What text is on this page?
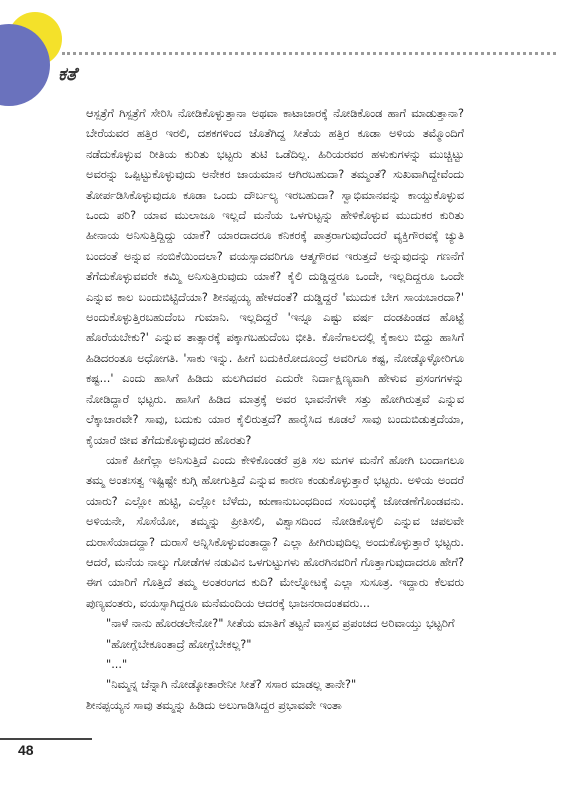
ಕತೆ

ಆಸ್ಪತ್ರೆಗೆ ಗಿಸ್ಪತ್ರೆಗೆ ಸೇರಿಸಿ ನೋಡಿಕೊಳ್ಳುತ್ತಾನಾ ಅಥವಾ ಕಾಟಾಚಾರಕ್ಕೆ ನೋಡಿಕೊಂಡ ಹಾಗೆ ಮಾಡುತ್ತಾನಾ? ಬೇರೆಯವರ ಹತ್ತಿರ ಇರಲಿ, ದಶಕಗಳಿಂದ ಜೊತೆಗಿದ್ದ ಸೀತೆಯ ಹತ್ತಿರ ಕೂಡಾ ಅಳಿಯ ತಮ್ಮೊಂದಿಗೆ ನಡೆದುಕೊಳ್ಳುವ ರೀತಿಯ ಕುರಿತು ಭಟ್ಟರು ತುಟಿ ಒಡೆದಿಲ್ಲ. ಹಿರಿಯರವರ ಹಳುಕುಗಳನ್ನು ಮುಚ್ಚಿಟ್ಟು ಅವರನ್ನು ಒಪ್ಪಿಟ್ಟುಕೊಳ್ಳುವುದು ಅನೇಕರ ಜಾಯಮಾನ ಆಗಿರಬಹುದಾ? ತಮ್ಮಂತೆ? ಸುಖವಾಗಿದ್ದೇವೆಂದು ತೋರ್ಪಡಿಸಿಕೊಳ್ಳುವುದೂ ಕೂಡಾ ಒಂದು ದೌರ್ಬಲ್ಯ ಇರಬಹುದಾ? ಸ್ವಾಭಿಮಾನವನ್ನು ಕಾಯ್ದುಕೊಳ್ಳುವ ಒಂದು ಪರಿ? ಯಾವ ಮುಲಾಜೂ ಇಲ್ಲದೆ ಮನೆಯ ಒಳಗುಟ್ಟನ್ನು ಹೇಳಿಕೊಳ್ಳುವ ಮುದುಕರ ಕುರಿತು ಹೀನಾಯ ಅನಿಸುತ್ತಿದ್ದಿದ್ದು ಯಾಕೆ? ಯಾರದಾದರೂ ಕನಿಕರಕ್ಕೆ ಪಾತ್ರರಾಗುವುದೆಂದರೆ ವ್ಯಕ್ತಿಗೌರವಕ್ಕೆ ಚ್ಯುತಿ ಬಂದಂತೆ ಅನ್ನುವ ನಂಬಿಕೆಯಿಂದಲಾ? ವಯಸ್ಸಾದವರಿಗೂ ಆತ್ಮಗೌರವ ಇರುತ್ತದೆ ಅನ್ನುವುದನ್ನು ಗಣನೆಗೆ ತೆಗೆದುಕೊಳ್ಳುವವರೇ ಕಮ್ಮಿ ಅನಿಸುತ್ತಿರುವುದು ಯಾಕೆ? ಕೈಲಿ ದುಡ್ಡಿದ್ದರೂ ಒಂದೇ, ಇಲ್ಲದಿದ್ದರೂ ಒಂದೇ ಎನ್ನುವ ಕಾಲ ಬಂದುಬಿಟ್ಟಿದೆಯಾ? ಶೀನಪ್ಪಯ್ಯ ಹೇಳದಂತೆ? ದುಡ್ಡಿದ್ದರೆ 'ಮುದುಕ ಬೇಗ ಸಾಯಬಾರದಾ?' ಅಂದುಕೊಳ್ಳುತ್ತಿರಬಹುದೆಂಬ ಗುಮಾನಿ. ಇಲ್ಲದಿದ್ದರೆ 'ಇನ್ನೂ ಎಷ್ಟು ವರ್ಷ ದಂಡಪಿಂಡದ ಹೊಟ್ಟೆ ಹೊರೆಯಬೇಕು?' ಎನ್ನುವ ತಾತ್ಸಾರಕ್ಕೆ ಪಕ್ಕಾಗಬಹುದೆಂಬ ಭೀತಿ. ಕೊನೆಗಾಲದಲ್ಲಿ ಕೈಕಾಲು ಬಿದ್ದು ಹಾಸಿಗೆ ಹಿಡಿದರಂತೂ ಅಧೋಗತಿ. 'ಸಾಕು ಇನ್ನು. ಹೀಗೆ ಬದುಕಿರೋದೂಂದ್ರೆ ಅವರಿಗೂ ಕಷ್ಟ, ನೋಡ್ಕೊಳ್ಳೋರಿಗೂ ಕಷ್ಟ...' ಎಂದು ಹಾಸಿಗೆ ಹಿಡಿದು ಮಲಗಿದವರ ಎದುರೇ ನಿರ್ದಾಕ್ಷಿಣ್ಯವಾಗಿ ಹೇಳುವ ಪ್ರಸಂಗಗಳನ್ನು ನೋಡಿದ್ದಾರೆ ಭಟ್ಟರು. ಹಾಸಿಗೆ ಹಿಡಿದ ಮಾತ್ರಕ್ಕೆ ಅವರ ಭಾವನೆಗಳೇ ಸತ್ತು ಹೋಗಿರುತ್ತವೆ ಎನ್ನುವ ಲೆಕ್ಕಾಚಾರವೇ? ಸಾವು, ಬದುಕು ಯಾರ ಕೈಲಿರುತ್ತದೆ? ಹಾರೈಸಿದ ಕೂಡಲೆ ಸಾವು ಬಂದುಬಿಡುತ್ತದೆಯಾ, ಕೈಯಾರೆ ಜೀವ ತೆಗೆದುಕೊಳ್ಳುವುದರ ಹೊರತು?

ಯಾಕೆ ಹೀಗೆಲ್ಲಾ ಅನಿಸುತ್ತಿದೆ ಎಂದು ಕೇಳಿಕೊಂಡರೆ ಪ್ರತಿ ಸಲ ಮಗಳ ಮನೆಗೆ ಹೋಗಿ ಬಂದಾಗಲೂ ತಮ್ಮ ಅಂತಃಸತ್ವ ಇಷ್ಟಿಷ್ಟೇ ಕುಗ್ಗಿ ಹೋಗುತ್ತಿದೆ ಎನ್ನುವ ಕಾರಣ ಕಂಡುಕೊಳ್ಳುತ್ತಾರೆ ಭಟ್ಟರು. ಅಳಿಯ ಅಂದರೆ ಯಾರು? ಎಲ್ಲೋ ಹುಟ್ಟಿ, ಎಲ್ಲೋ ಬೆಳೆದು, ಋಣಾನುಬಂಧದಿಂದ ಸಂಬಂಧಕ್ಕೆ ಜೋಡಣೆಗೊಂಡವನು. ಅಳಿಯನೇ, ಸೊಸೆಯೋ, ತಮ್ಮನ್ನು ಪ್ರೀತಿಸಲಿ, ವಿಶ್ವಾಸದಿಂದ ನೋಡಿಕೊಳ್ಳಲಿ ಎನ್ನುವ ಚಪಲವೇ ದುರಾಸೆಯಾದದ್ದಾ? ದುರಾಸೆ ಅನ್ನಿಸಿಕೊಳ್ಳುವಂತಾದ್ದಾ? ಎಲ್ಲಾ ಹೀಗಿರುವುದಿಲ್ಲ ಅಂದುಕೊಳ್ಳುತ್ತಾರೆ ಭಟ್ಟರು. ಆದರೆ, ಮನೆಯ ನಾಲ್ಕು ಗೋಡೆಗಳ ನಡುವಿನ ಒಳಗುಟ್ಟುಗಳು ಹೊರಗಿನವರಿಗೆ ಗೊತ್ತಾಗುವುದಾದರೂ ಹೇಗೆ? ಈಗ ಯಾರಿಗೆ ಗೊತ್ತಿದೆ ತಮ್ಮ ಅಂತರಂಗದ ಕುದಿ? ಮೇಲ್ನೋಟಕ್ಕೆ ಎಲ್ಲಾ ಸುಸೂತ್ರ. ಇದ್ದಾರು ಕೆಲವರು ಪುಣ್ಯವಂತರು, ವಯಸ್ಸಾಗಿದ್ದರೂ ಮನೆಮಂದಿಯ ಆದರಕ್ಕೆ ಭಾಜನರಾದಂತವರು...

"ನಾಳೆ ನಾನು ಹೊರಡಲೇನೋ?" ಸೀತೆಯ ಮಾತಿಗೆ ತಟ್ಟನೆ ವಾಸ್ತವ ಪ್ರಪಂಚದ ಅರಿವಾಯ್ತು ಭಟ್ಟರಿಗೆ

"ಹೋಗ್ಲೆಬೇಕೂಂತಾದ್ರೆ ಹೋಗ್ಲೆಬೇಕಲ್ಲ?"

"..."

"ನಿಮ್ಮನ್ನ ಚೆನ್ನಾಗಿ ನೋಡ್ಕೋತಾರೇನೀ ಸೀತೆ? ಸಸಾರ ಮಾಡಲ್ಲ ತಾನೇ?"

ಶೀನಪ್ಪಯ್ಯನ ಸಾವು ತಮ್ಮನ್ನು ಹಿಡಿದು ಅಲುಗಾಡಿಸಿದ್ದರ ಪ್ರಭಾವವೇ ಇಂತಾ

48
